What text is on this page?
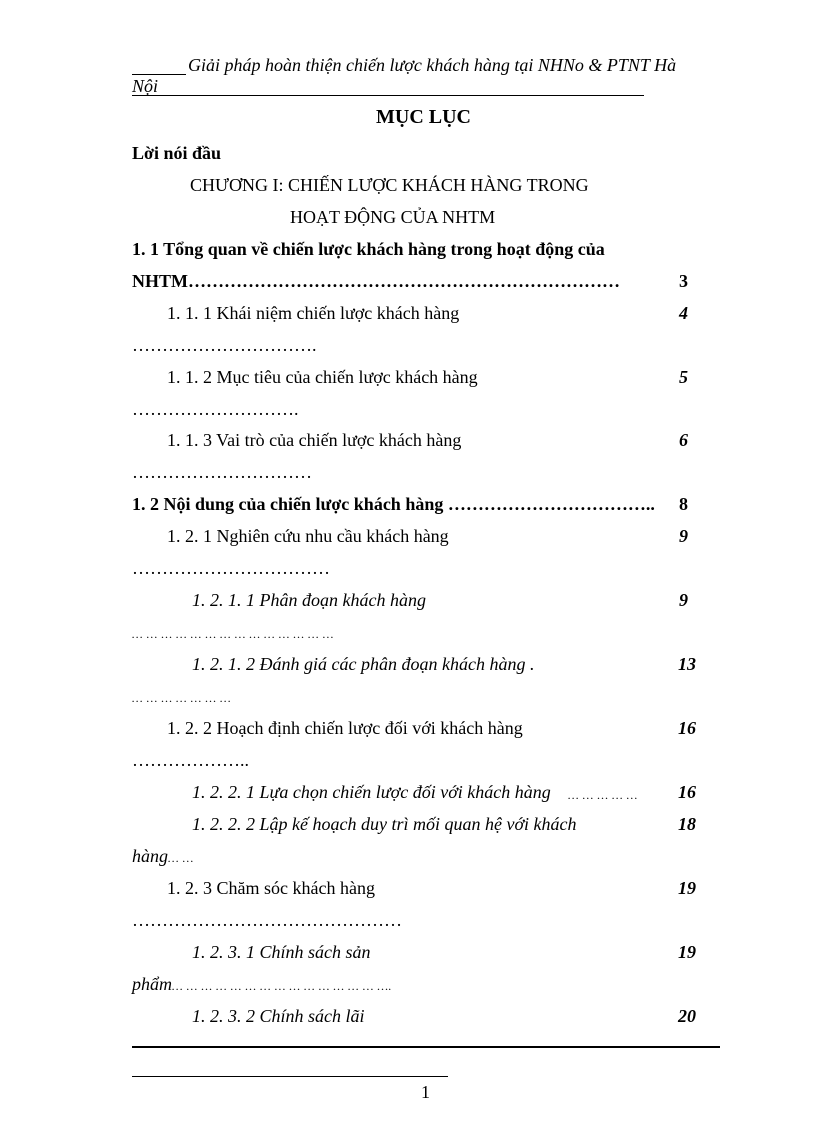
Giải pháp hoàn thiện chiến lược khách hàng tại NHNo & PTNT Hà
Nội
MỤC LỤC
Lời nói đầu
CHƯƠNG I: CHIẾN LƯỢC KHÁCH HÀNG TRONG
HOẠT ĐỘNG CỦA NHTM
1. 1 Tổng quan về chiến lược khách hàng trong hoạt động của
NHTM………………………………………………………………	3
1. 1. 1 Khái niệm chiến lược khách hàng	4
………………………….
1. 1. 2 Mục tiêu của chiến lược khách hàng	5
……………………….
1. 1. 3 Vai trò của chiến lược khách hàng	6
…………………………
1. 2 Nội dung của chiến lược khách hàng ……………………………..	8
1. 2. 1 Nghiên cứu nhu cầu khách hàng	9
……………………………
1. 2. 1. 1 Phân đoạn khách hàng	9
… … … … … … … … … … … … … …
1. 2. 1. 2 Đánh giá các phân đoạn khách hàng .	13
… … … … … … …
1. 2. 2 Hoạch định chiến lược đối với khách hàng	16
………………..
1. 2. 2. 1 Lựa chọn chiến lược đối với khách hàng … … … … …	16
1. 2. 2. 2 Lập kế hoạch duy trì mối quan hệ với khách	18
hàng… …
1. 2. 3 Chăm sóc khách hàng	19
………………………………………
1. 2. 3. 1 Chính sách sản	19
phẩm… … … … … … … … … … … … … … ….
1. 2. 3. 2 Chính sách lãi	20
1
